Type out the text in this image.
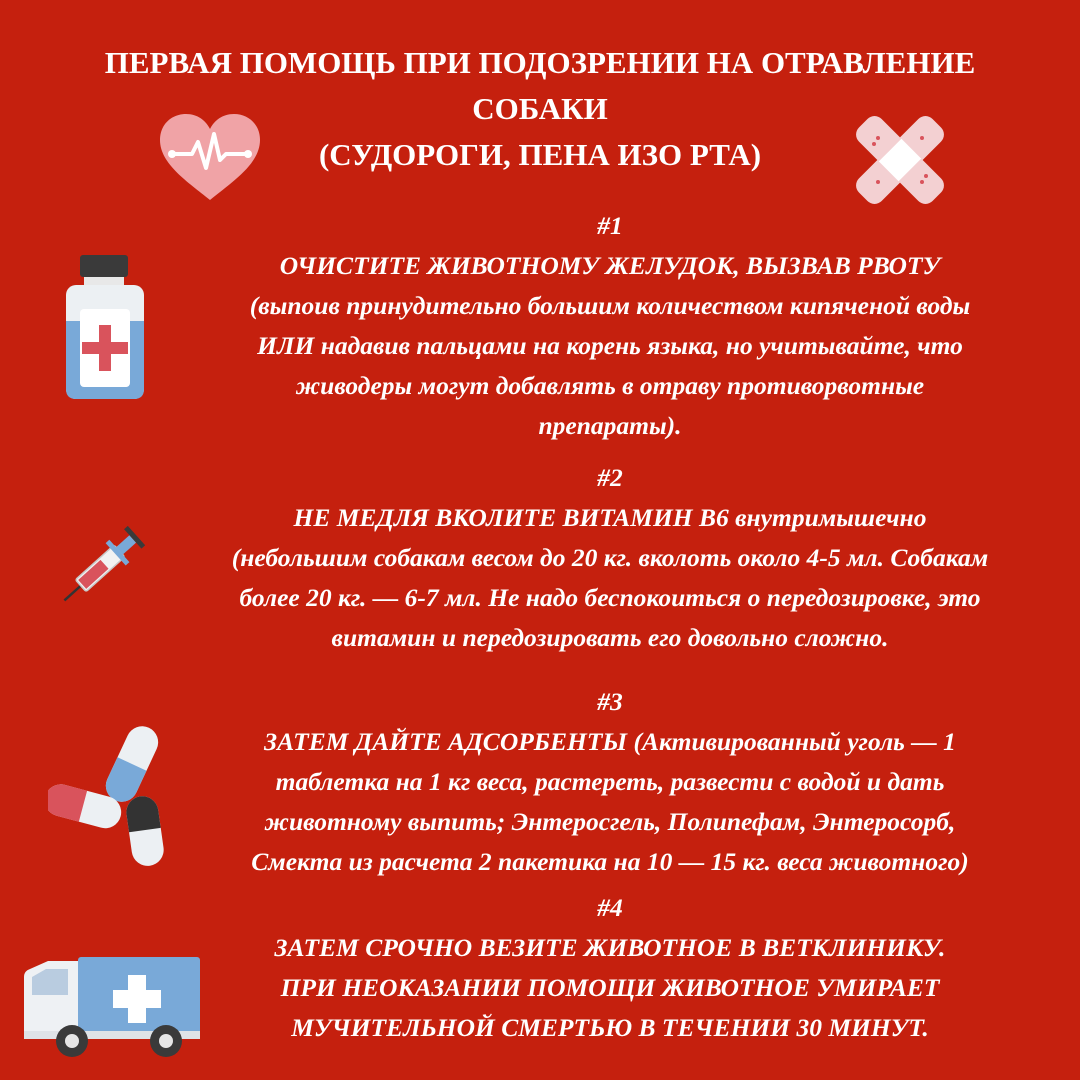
ПЕРВАЯ ПОМОЩЬ ПРИ ПОДОЗРЕНИИ НА ОТРАВЛЕНИЕ
СОБАКИ
(СУДОРОГИ, ПЕНА ИЗО РТА)
#1
ОЧИСТИТЕ ЖИВОТНОМУ ЖЕЛУДОК, ВЫЗВАВ РВОТУ
(выпоив принудительно большим количеством кипяченой воды
ИЛИ надавив пальцами на корень языка, но учитывайте, что
живодеры могут добавлять в отраву противорвотные
препараты).
#2
НЕ МЕДЛЯ ВКОЛИТЕ ВИТАМИН В6 внутримышечно
(небольшим собакам весом до 20 кг. вколоть около 4-5 мл. Собакам
более 20 кг. — 6-7 мл. Не надо беспокоиться о передозировке, это
витамин и передозировать его довольно сложно.
#3
ЗАТЕМ ДАЙТЕ АДСОРБЕНТЫ (Активированный уголь — 1
таблетка на 1 кг веса, растереть, развести с водой и дать
животному выпить; Энтеросгель, Полипефам, Энтеросорб,
Смекта из расчета 2 пакетика на 10 — 15 кг. веса животного)
#4
ЗАТЕМ СРОЧНО ВЕЗИТЕ ЖИВОТНОЕ В ВЕТКЛИНИКУ.
ПРИ НЕОКАЗАНИИ ПОМОЩИ ЖИВОТНОЕ УМИРАЕТ
МУЧИТЕЛЬНОЙ СМЕРТЬЮ В ТЕЧЕНИИ 30 МИНУТ.
